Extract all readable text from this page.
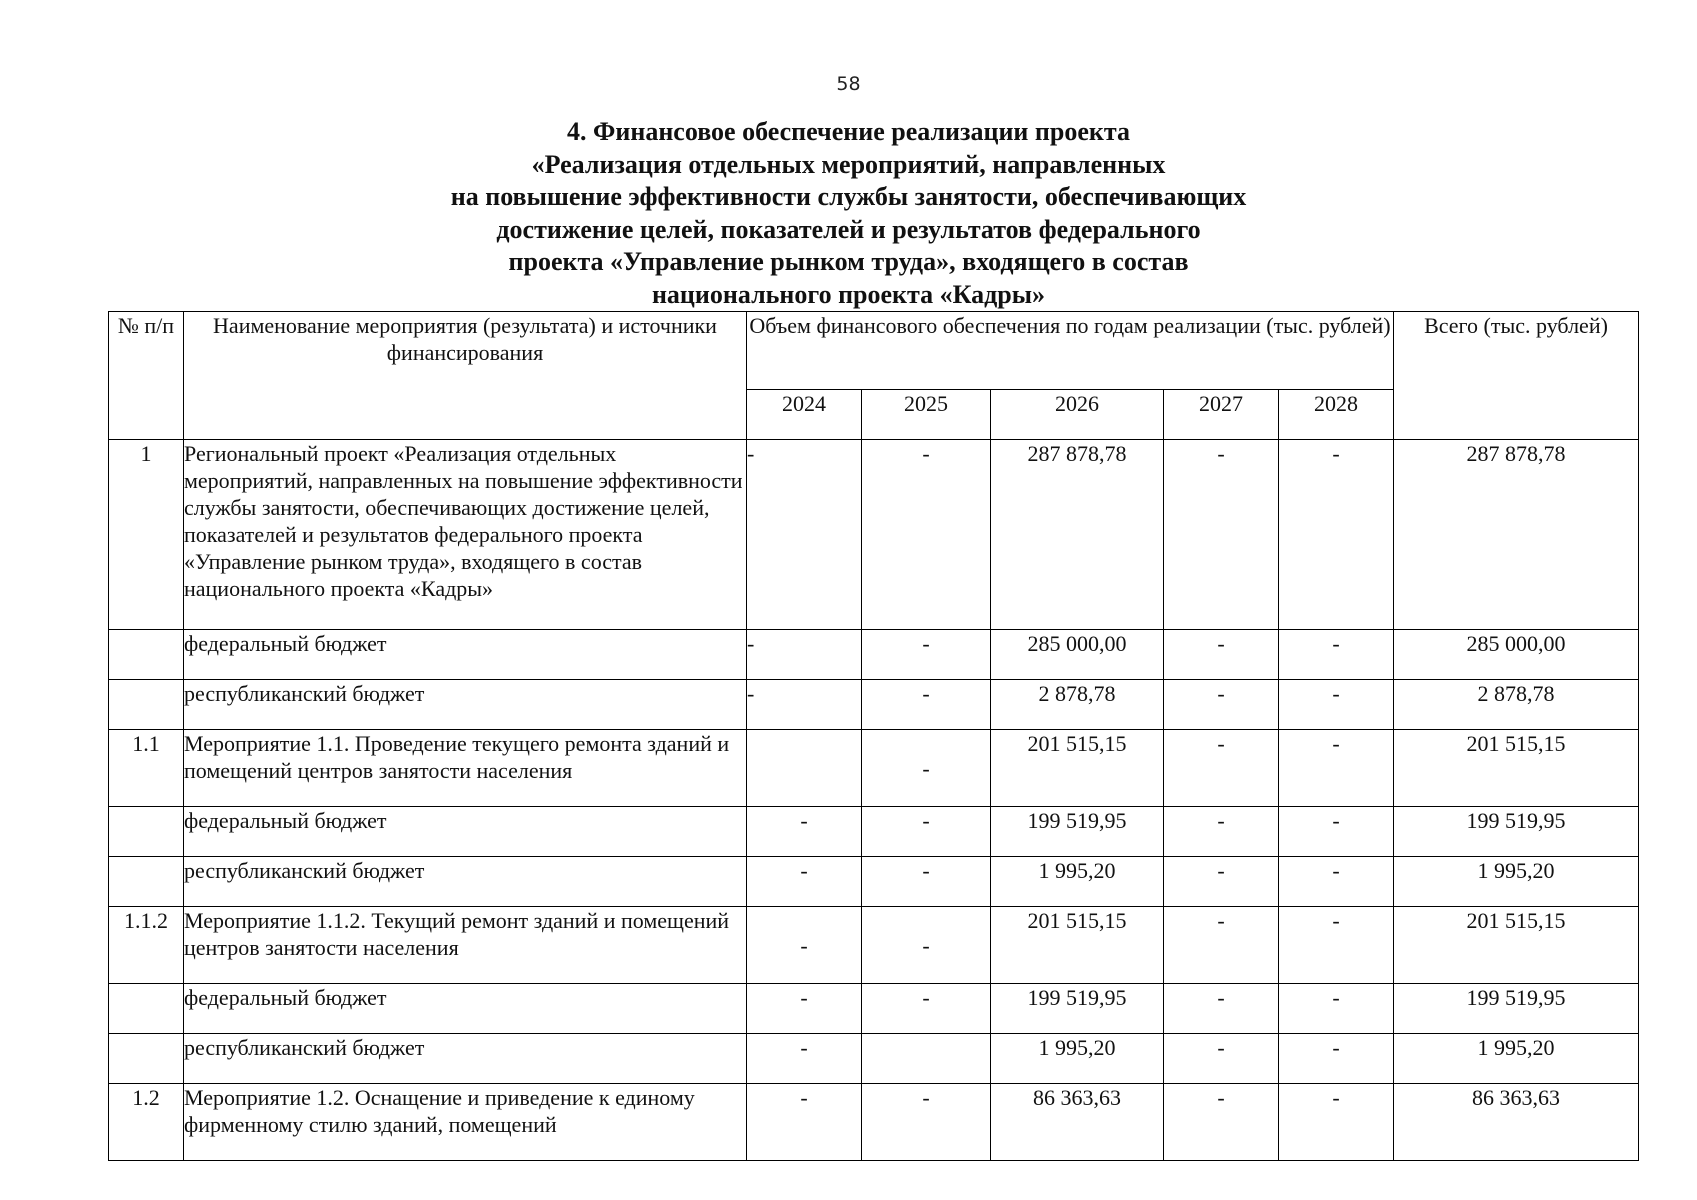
58
4. Финансовое обеспечение реализации проекта
«Реализация отдельных мероприятий, направленных
на повышение эффективности службы занятости, обеспечивающих
достижение целей, показателей и результатов федерального
проекта «Управление рынком труда», входящего в состав
национального проекта «Кадры»
№ п/п	Наименование мероприятия (результата) и источники финансирования	Объем финансового обеспечения по годам реализации (тыс. рублей)					Всего (тыс. рублей)
		2024	2025	2026	2027	2028	
1	Региональный проект «Реализация отдельных мероприятий, направленных на повышение эффективности службы занятости, обеспечивающих достижение целей, показателей и результатов федерального проекта «Управление рынком труда», входящего в состав национального проекта «Кадры»	-	-	287 878,78	-	-	287 878,78
	федеральный бюджет	-	-	285 000,00	-	-	285 000,00
	республиканский бюджет	-	-	2 878,78	-	-	2 878,78
1.1	Мероприятие 1.1. Проведение текущего ремонта зданий и помещений центров занятости населения		-	201 515,15	-	-	201 515,15
	федеральный бюджет	-	-	199 519,95	-	-	199 519,95
	республиканский бюджет	-	-	1 995,20	-	-	1 995,20
1.1.2	Мероприятие 1.1.2. Текущий ремонт зданий и помещений центров занятости населения	-	-	201 515,15	-	-	201 515,15
	федеральный бюджет	-	-	199 519,95	-	-	199 519,95
	республиканский бюджет	-		1 995,20	-	-	1 995,20
1.2	Мероприятие 1.2. Оснащение и приведение к единому фирменному стилю зданий, помещений	-	-	86 363,63	-	-	86 363,63
